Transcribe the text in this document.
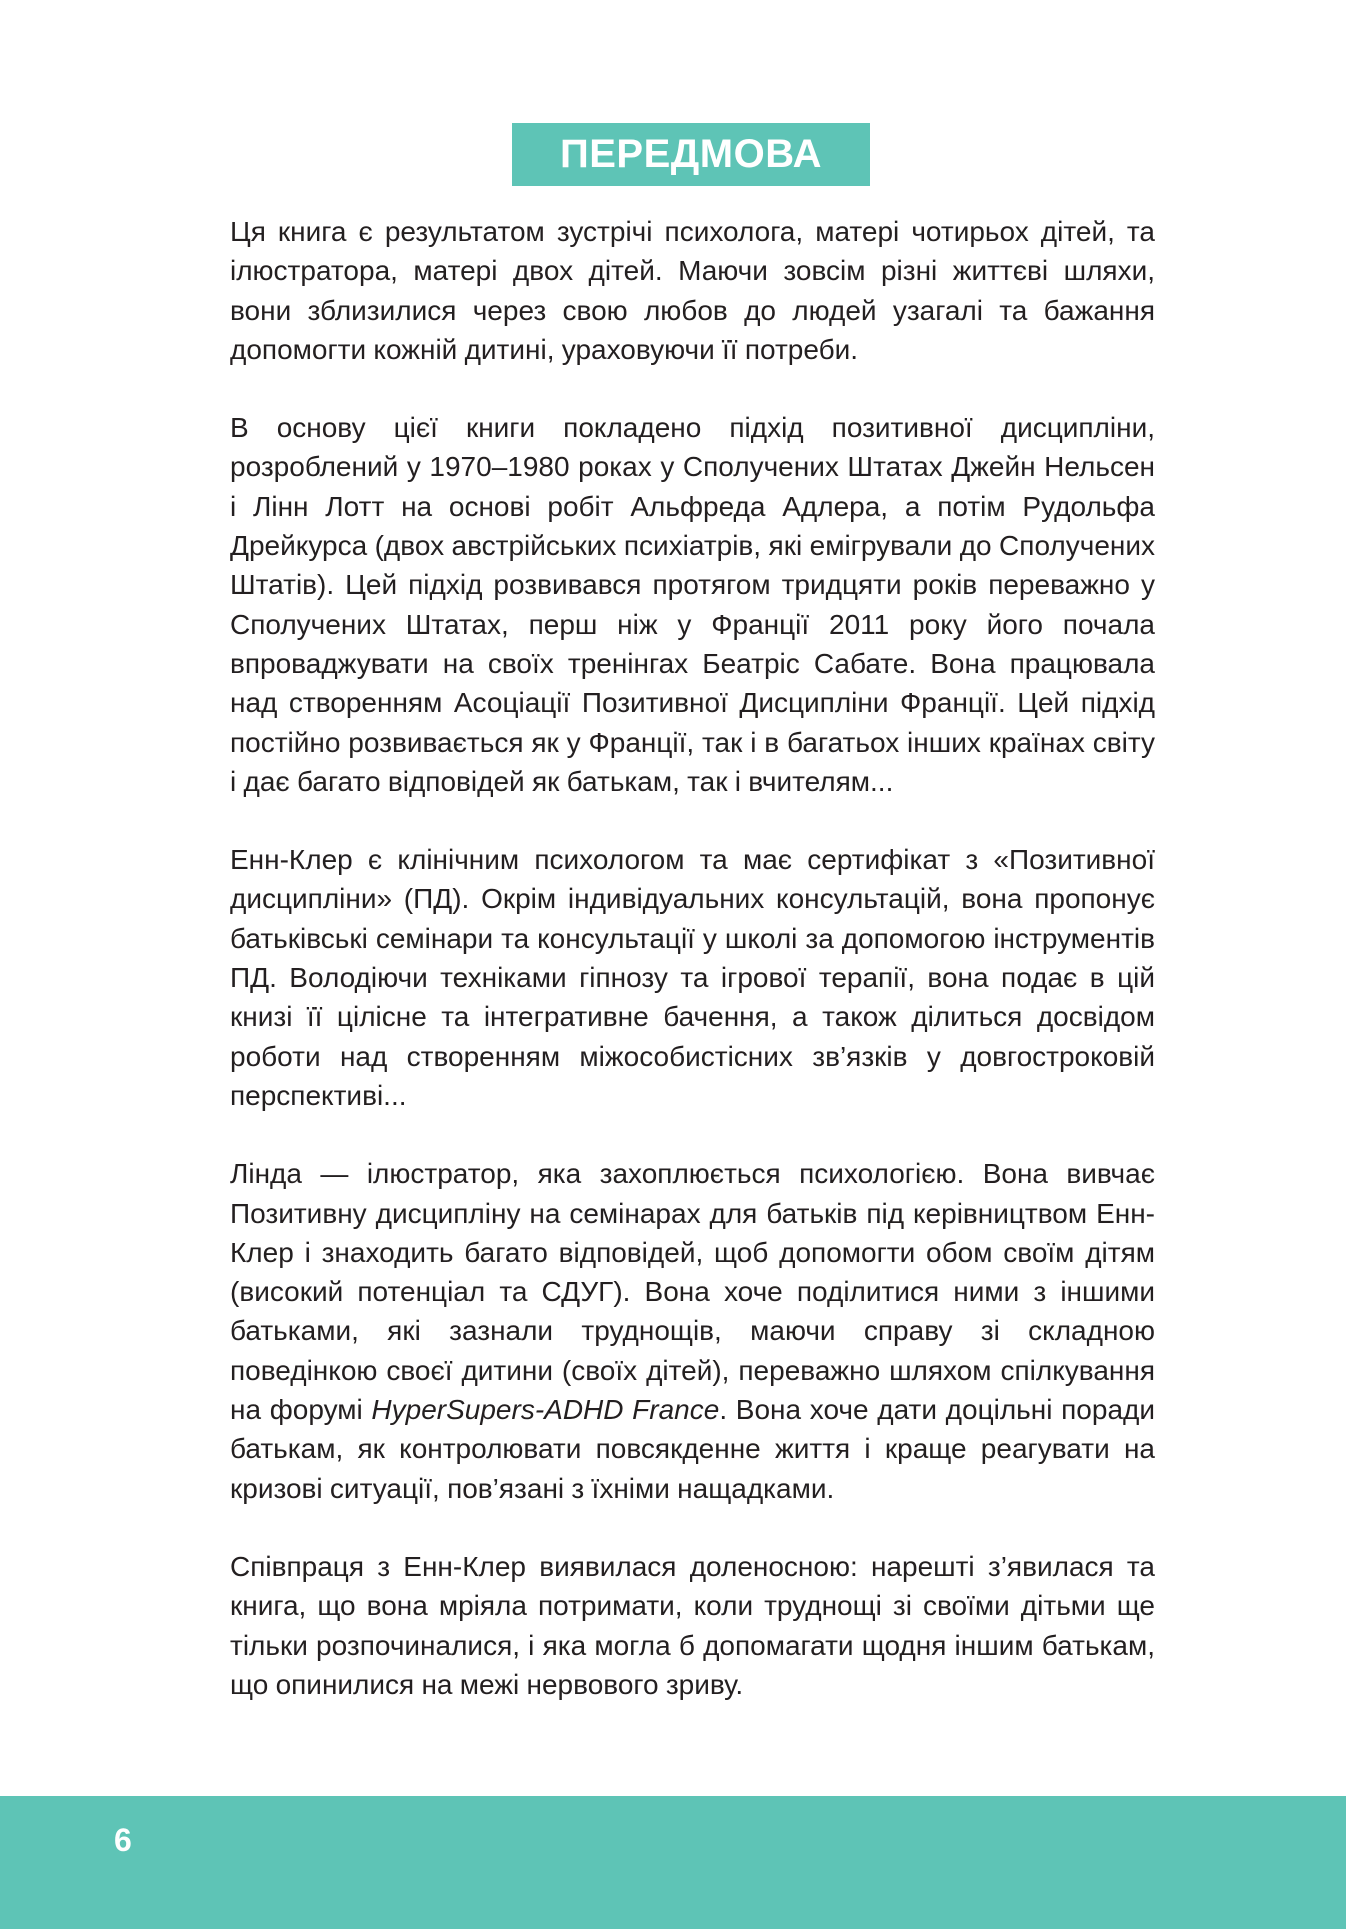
ПЕРЕДМОВА

Ця книга є результатом зустрічі психолога, матері чотирьох дітей, та ілюстратора, матері двох дітей. Маючи зовсім різні життєві шляхи, вони зблизилися через свою любов до людей узагалі та бажання допомогти кожній дитині, ураховуючи її потреби.

В основу цієї книги покладено підхід позитивної дисципліни, розроблений у 1970–1980 роках у Сполучених Штатах Джейн Нельсен і Лінн Лотт на основі робіт Альфреда Адлера, а потім Рудольфа Дрейкурса (двох австрійських психіатрів, які емігрували до Сполучених Штатів). Цей підхід розвивався протягом тридцяти років переважно у Сполучених Штатах, перш ніж у Франції 2011 року його почала впроваджувати на своїх тренінгах Беатріс Сабате. Вона працювала над створенням Асоціації Позитивної Дисципліни Франції. Цей підхід постійно розвивається як у Франції, так і в багатьох інших країнах світу і дає багато відповідей як батькам, так і вчителям...

Енн-Клер є клінічним психологом та має сертифікат з «Позитивної дисципліни» (ПД). Окрім індивідуальних консультацій, вона пропонує батьківські семінари та консультації у школі за допомогою інструментів ПД. Володіючи техніками гіпнозу та ігрової терапії, вона подає в цій книзі її цілісне та інтегративне бачення, а також ділиться досвідом роботи над створенням міжособистісних зв’язків у довгостроковій перспективі...

Лінда — ілюстратор, яка захоплюється психологією. Вона вивчає Позитивну дисципліну на семінарах для батьків під керівництвом Енн-Клер і знаходить багато відповідей, щоб допомогти обом своїм дітям (високий потенціал та СДУГ). Вона хоче поділитися ними з іншими батьками, які зазнали труднощів, маючи справу зі складною поведінкою своєї дитини (своїх дітей), переважно шляхом спілкування на форумі HyperSupers-ADHD France. Вона хоче дати доцільні поради батькам, як контролювати повсякденне життя і краще реагувати на кризові ситуації, пов’язані з їхніми нащадками.

Співпраця з Енн-Клер виявилася доленосною: нарешті з’явилася та книга, що вона мріяла потримати, коли труднощі зі своїми дітьми ще тільки розпочиналися, і яка могла б допомагати щодня іншим батькам, що опинилися на межі нервового зриву.

6
